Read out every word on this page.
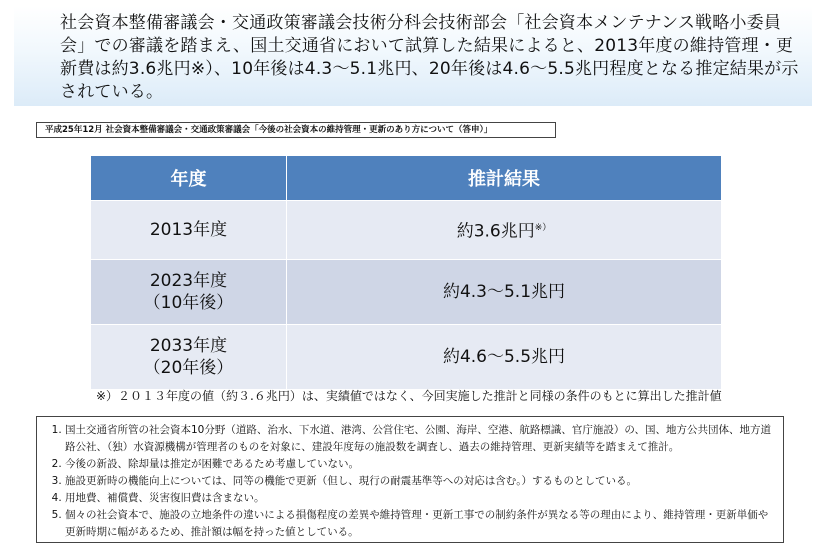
社会資本整備審議会・交通政策審議会技術分科会技術部会「社会資本メンテナンス戦略小委員会」での審議を踏まえ、国土交通省において試算した結果によると、2013年度の維持管理・更新費は約3.6兆円※）、10年後は4.3～5.1兆円、20年後は4.6～5.5兆円程度となる推定結果が示されている。
平成25年12月 社会資本整備審議会・交通政策審議会「今後の社会資本の維持管理・更新のあり方について（答申）」
年度	推計結果

2013年度	約3.6兆円※）

2023年度
（10年後）	約4.3～5.1兆円

2033年度
（20年後）	約4.6～5.5兆円
※）２０１３年度の値（約３.６兆円）は、実績値ではなく、今回実施した推計と同様の条件のもとに算出した推計値
1. 国土交通省所管の社会資本10分野（道路、治水、下水道、港湾、公営住宅、公園、海岸、空港、航路標識、官庁施設）の、国、地方公共団体、地方道路公社、（独）水資源機構が管理者のものを対象に、建設年度毎の施設数を調査し、過去の維持管理、更新実績等を踏まえて推計。
2. 今後の新設、除却量は推定が困難であるため考慮していない。
3. 施設更新時の機能向上については、同等の機能で更新（但し、現行の耐震基準等への対応は含む。）するものとしている。
4. 用地費、補償費、災害復旧費は含まない。
5. 個々の社会資本で、施設の立地条件の違いによる損傷程度の差異や維持管理・更新工事での制約条件が異なる等の理由により、維持管理・更新単価や更新時期に幅があるため、推計額は幅を持った値としている。
